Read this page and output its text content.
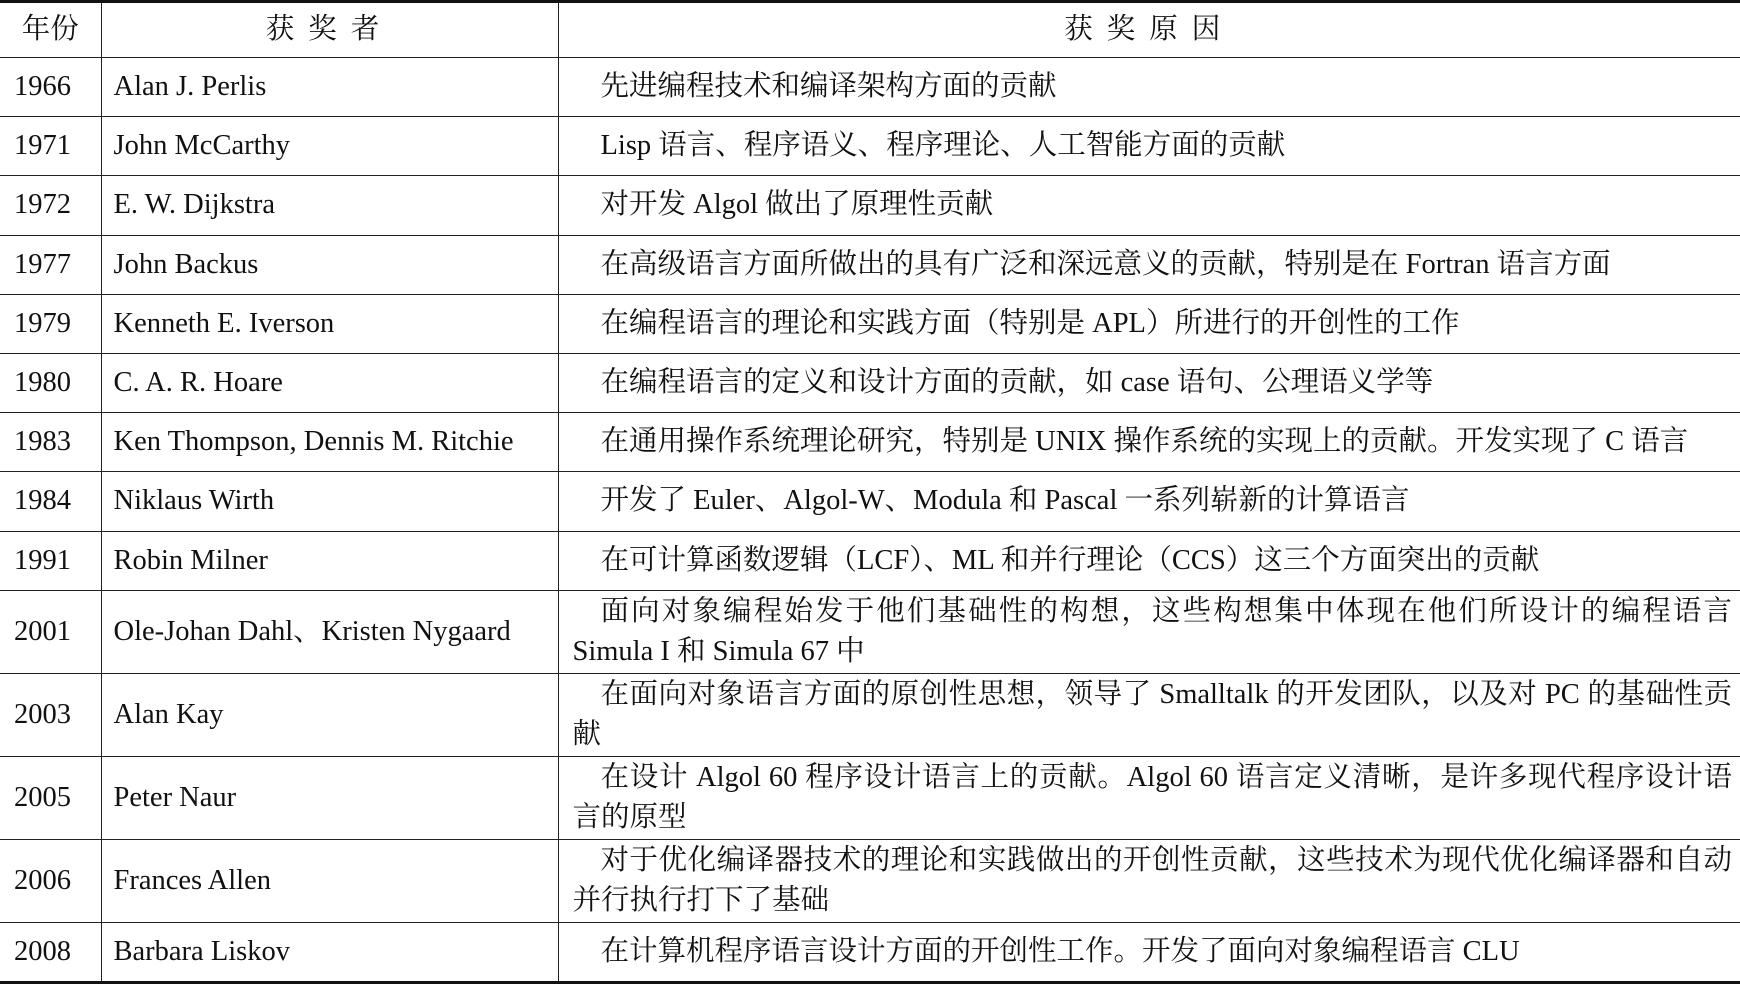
年份	获奖者	获奖原因
1966	Alan J. Perlis	先进编程技术和编译架构方面的贡献
1971	John McCarthy	Lisp 语言、程序语义、程序理论、人工智能方面的贡献
1972	E. W. Dijkstra	对开发 Algol 做出了原理性贡献
1977	John Backus	在高级语言方面所做出的具有广泛和深远意义的贡献，特别是在 Fortran 语言方面
1979	Kenneth E. Iverson	在编程语言的理论和实践方面（特别是 APL）所进行的开创性的工作
1980	C. A. R. Hoare	在编程语言的定义和设计方面的贡献，如 case 语句、公理语义学等
1983	Ken Thompson, Dennis M. Ritchie	在通用操作系统理论研究，特别是 UNIX 操作系统的实现上的贡献。开发实现了 C 语言
1984	Niklaus Wirth	开发了 Euler、Algol-W、Modula 和 Pascal 一系列崭新的计算语言
1991	Robin Milner	在可计算函数逻辑（LCF）、ML 和并行理论（CCS）这三个方面突出的贡献
2001	Ole-Johan Dahl、Kristen Nygaard	面向对象编程始发于他们基础性的构想，这些构想集中体现在他们所设计的编程语言 Simula I 和 Simula 67 中
2003	Alan Kay	在面向对象语言方面的原创性思想，领导了 Smalltalk 的开发团队，以及对 PC 的基础性贡献
2005	Peter Naur	在设计 Algol 60 程序设计语言上的贡献。Algol 60 语言定义清晰，是许多现代程序设计语言的原型
2006	Frances Allen	对于优化编译器技术的理论和实践做出的开创性贡献，这些技术为现代优化编译器和自动并行执行打下了基础
2008	Barbara Liskov	在计算机程序语言设计方面的开创性工作。开发了面向对象编程语言 CLU
